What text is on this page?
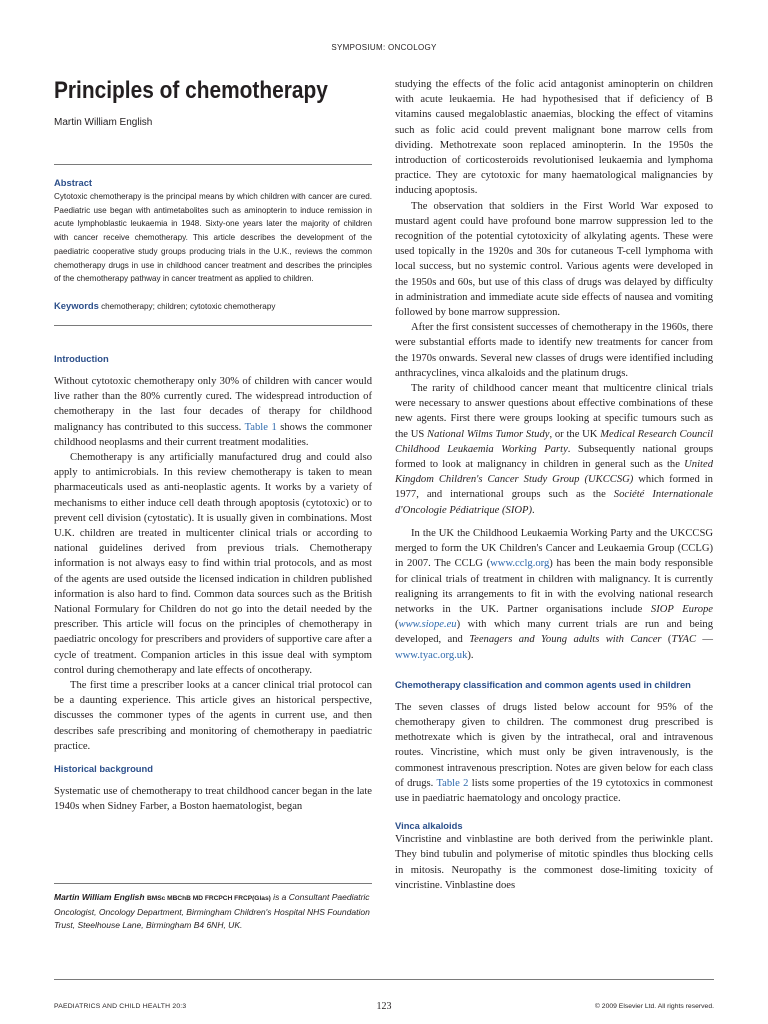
SYMPOSIUM: ONCOLOGY
Principles of chemotherapy
Martin William English
Abstract

Cytotoxic chemotherapy is the principal means by which children with cancer are cured. Paediatric use began with antimetabolites such as aminopterin to induce remission in acute lymphoblastic leukaemia in 1948. Sixty-one years later the majority of children with cancer receive chemotherapy. This article describes the development of the paediatric cooperative study groups producing trials in the U.K., reviews the common chemotherapy drugs in use in childhood cancer treatment and describes the principles of the chemotherapy pathway in cancer treatment as applied to children.

Keywords chemotherapy; children; cytotoxic chemotherapy
Introduction

Without cytotoxic chemotherapy only 30% of children with cancer would live rather than the 80% currently cured. The widespread introduction of chemotherapy in the last four decades of therapy for childhood malignancy has contributed to this success. Table 1 shows the commoner childhood neoplasms and their current treatment modalities.

Chemotherapy is any artificially manufactured drug and could also apply to antimicrobials. In this review chemotherapy is taken to mean pharmaceuticals used as anti-neoplastic agents. It works by a variety of mechanisms to either induce cell death through apoptosis (cytotoxic) or to prevent cell division (cytostatic). It is usually given in combinations. Most U.K. children are treated in multicenter clinical trials or according to national guidelines derived from previous trials. Chemotherapy information is not always easy to find within trial protocols, and as most of the agents are used outside the licensed indication in children published information is also hard to find. Common data sources such as the British National Formulary for Children do not go into the detail needed by the prescriber. This article will focus on the principles of chemotherapy in paediatric oncology for prescribers and providers of supportive care after a cycle of treatment. Companion articles in this issue deal with symptom control during chemotherapy and late effects of oncotherapy.

The first time a prescriber looks at a cancer clinical trial protocol can be a daunting experience. This article gives an historical perspective, discusses the commoner types of the agents in current use, and then describes safe prescribing and monitoring of chemotherapy in paediatric practice.

Historical background

Systematic use of chemotherapy to treat childhood cancer began in the late 1940s when Sidney Farber, a Boston haematologist, began

studying the effects of the folic acid antagonist aminopterin on children with acute leukaemia. He had hypothesised that if deficiency of B vitamins caused megaloblastic anaemias, blocking the effect of vitamins such as folic acid could prevent malignant bone marrow cells from dividing. Methotrexate soon replaced aminopterin. In the 1950s the introduction of corticosteroids revolutionised leukaemia and lymphoma practice. They are cytotoxic for many haematological malignancies by inducing apoptosis.

The observation that soldiers in the First World War exposed to mustard agent could have profound bone marrow suppression led to the recognition of the potential cytotoxicity of alkylating agents. These were used topically in the 1920s and 30s for cutaneous T-cell lymphoma with local success, but no systemic control. Various agents were developed in the 1950s and 60s, but use of this class of drugs was delayed by difficulty in administration and immediate acute side effects of nausea and vomiting followed by bone marrow suppression.

After the first consistent successes of chemotherapy in the 1960s, there were substantial efforts made to identify new treatments for cancer from the 1970s onwards. Several new classes of drugs were identified including anthracyclines, vinca alkaloids and the platinum drugs.

The rarity of childhood cancer meant that multicentre clinical trials were necessary to answer questions about effective combinations of these new agents. First there were groups looking at specific tumours such as the US National Wilms Tumor Study, or the UK Medical Research Council Childhood Leukaemia Working Party. Subsequently national groups formed to look at malignancy in children in general such as the United Kingdom Children's Cancer Study Group (UKCCSG) which formed in 1977, and international groups such as the Société Internationale d'Oncologie Pédiatrique (SIOP).

In the UK the Childhood Leukaemia Working Party and the UKCCSG merged to form the UK Children's Cancer and Leukaemia Group (CCLG) in 2007. The CCLG (www.cclg.org) has been the main body responsible for clinical trials of treatment in children with malignancy. It is currently realigning its arrangements to fit in with the evolving national research networks in the UK. Partner organisations include SIOP Europe (www.siope.eu) with which many current trials are run and being developed, and Teenagers and Young adults with Cancer (TYAC — www.tyac.org.uk).

Chemotherapy classification and common agents used in children

The seven classes of drugs listed below account for 95% of the chemotherapy given to children. The commonest drug prescribed is methotrexate which is given by the intrathecal, oral and intravenous routes. Vincristine, which must only be given intravenously, is the commonest intravenous prescription. Notes are given below for each class of drugs. Table 2 lists some properties of the 19 cytotoxics in commonest use in paediatric haematology and oncology practice.

Vinca alkaloids

Vincristine and vinblastine are both derived from the periwinkle plant. They bind tubulin and polymerise of mitotic spindles thus blocking cells in mitosis. Neuropathy is the commonest dose-limiting toxicity of vincristine. Vinblastine does

Martin William English BMSc MBChB MD FRCPCH FRCP(Glas) is a Consultant Paediatric Oncologist, Oncology Department, Birmingham Children's Hospital NHS Foundation Trust, Steelhouse Lane, Birmingham B4 6NH, UK.
PAEDIATRICS AND CHILD HEALTH 20:3	123	© 2009 Elsevier Ltd. All rights reserved.
